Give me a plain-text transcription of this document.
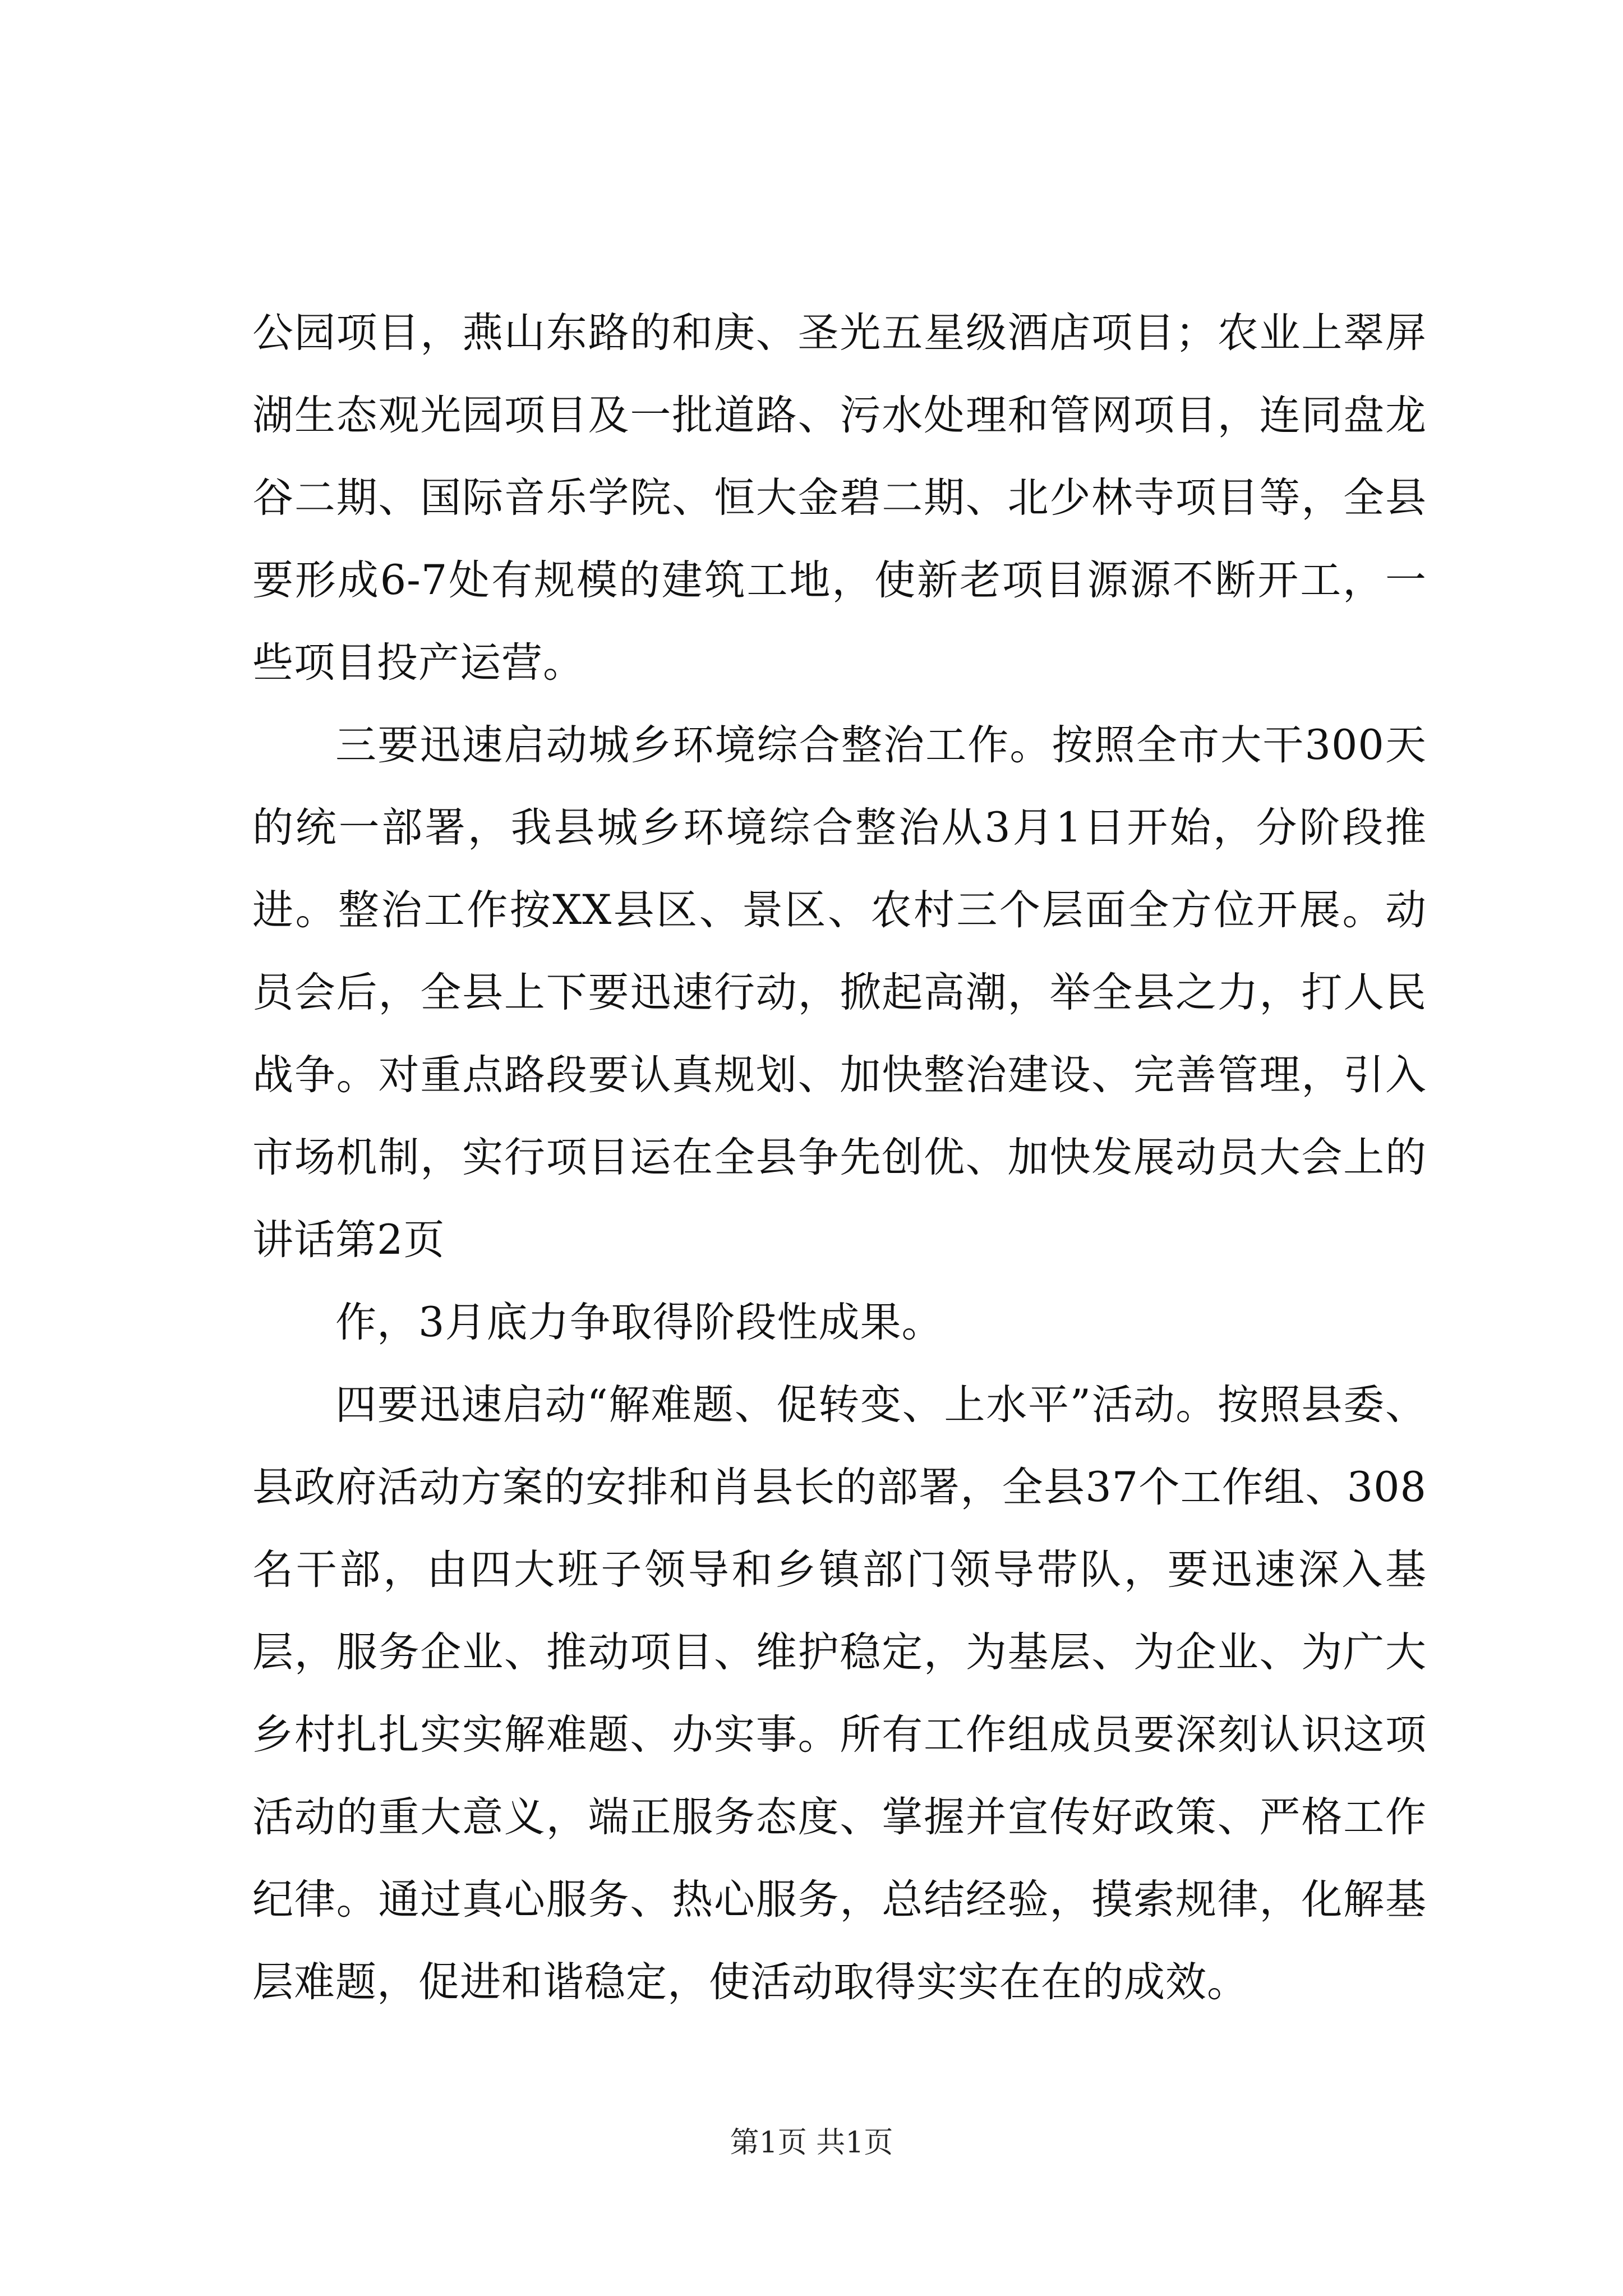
公园项目，燕山东路的和庚、圣光五星级酒店项目；农业上翠屏湖生态观光园项目及一批道路、污水处理和管网项目，连同盘龙谷二期、国际音乐学院、恒大金碧二期、北少林寺项目等，全县要形成6-7处有规模的建筑工地，使新老项目源源不断开工，一些项目投产运营。

三要迅速启动城乡环境综合整治工作。按照全市大干300天的统一部署，我县城乡环境综合整治从3月1日开始，分阶段推进。整治工作按XX县区、景区、农村三个层面全方位开展。动员会后，全县上下要迅速行动，掀起高潮，举全县之力，打人民战争。对重点路段要认真规划、加快整治建设、完善管理，引入市场机制，实行项目运在全县争先创优、加快发展动员大会上的讲话第2页

作，3月底力争取得阶段性成果。

四要迅速启动“解难题、促转变、上水平”活动。按照县委、县政府活动方案的安排和肖县长的部署，全县37个工作组、308名干部，由四大班子领导和乡镇部门领导带队，要迅速深入基层，服务企业、推动项目、维护稳定，为基层、为企业、为广大乡村扎扎实实解难题、办实事。所有工作组成员要深刻认识这项活动的重大意义，端正服务态度、掌握并宣传好政策、严格工作纪律。通过真心服务、热心服务，总结经验，摸索规律，化解基层难题，促进和谐稳定，使活动取得实实在在的成效。

第1页 共1页
